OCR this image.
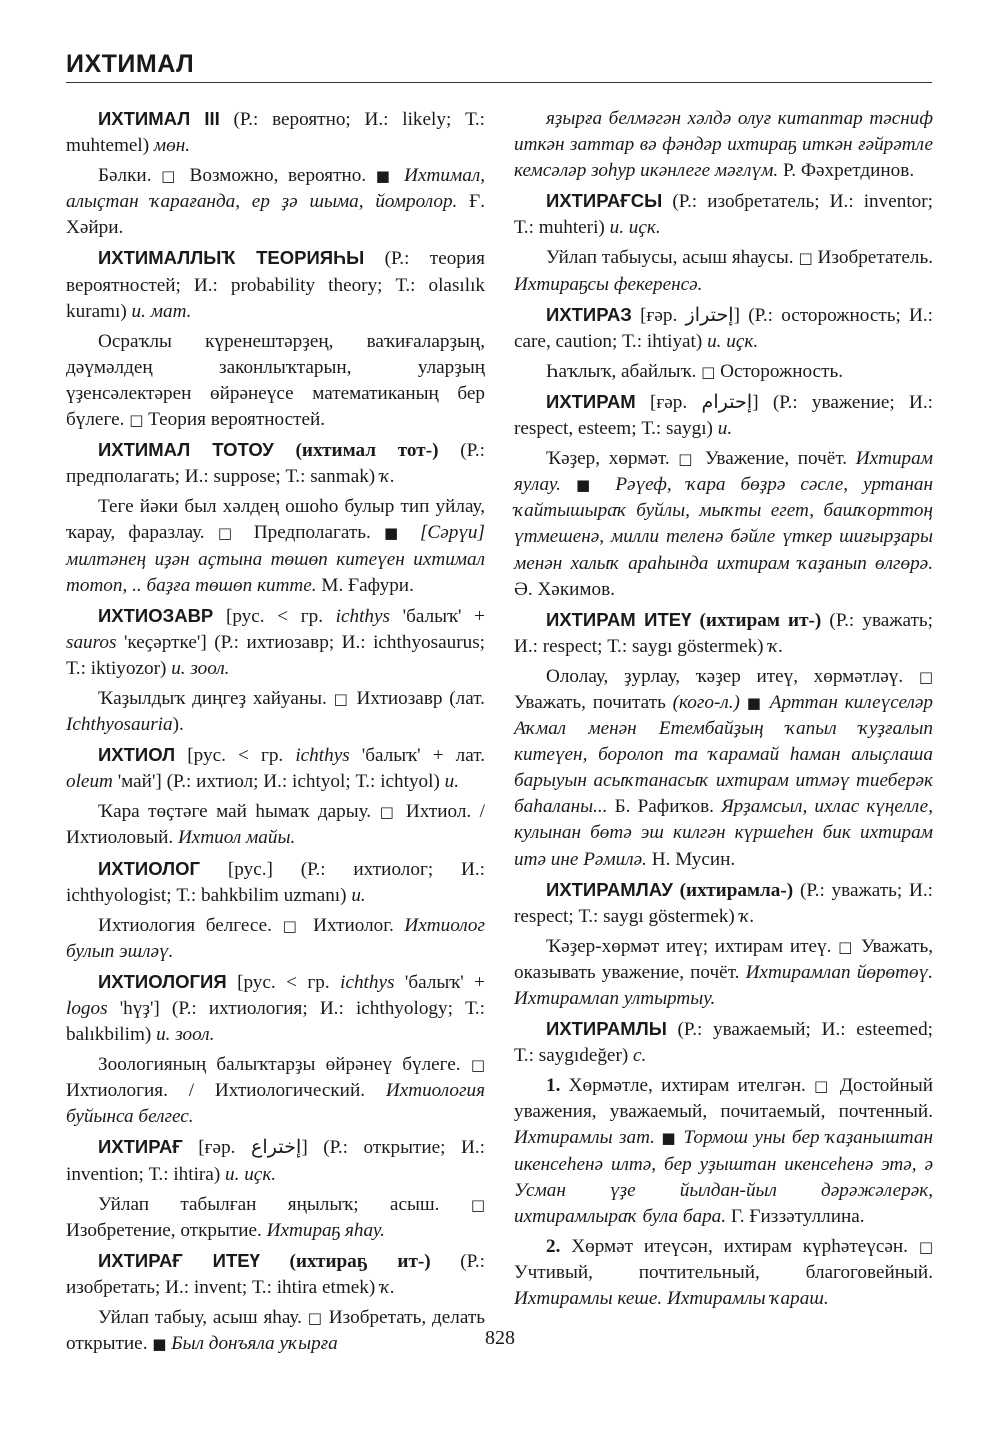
ИХТИМАЛ

ИХТИМАЛ III (Р.: вероятно; И.: likely; Т.: muhtemel) мөн.

Бәлки. □ Возможно, вероятно. ■ Ихтимал, алыҫтан ҡарағанда, ер ҙә шыма, йомролор. Ғ. Хәйри.

ИХТИМАЛЛЫҠ ТЕОРИЯҺЫ (Р.: теория вероятностей; И.: probability theory; Т.: olasılık kuramı) и. мат.

Осраҡлы күренештәрҙең, ваҡиғаларҙың, дәүмәлдең законлыҡтарын, уларҙың үҙенсәлектәрен өйрәнеүсе математиканың бер бүлеге. □ Теория вероятностей.

ИХТИМАЛ ТОТОУ (ихтимал тот-) (Р.: предполагать; И.: suppose; Т.: sanmak) ҡ.

Теге йәки был хәлдең ошоһо булыр тип уйлау, ҡарау, фаразлау. □ Предполагать. ■ [Сәрүи] милтәнең иҙән аҫтына төшөп китеүен ихтимал тотоп, .. баҙға төшөп китте. М. Ғафури.

ИХТИОЗАВР [рус. < гр. ichthys 'балыҡ' + sauros 'кеҫәртке'] (Р.: ихтиозавр; И.: ichthyosaurus; Т.: iktiyozor) и. зоол.

Ҡаҙылдыҡ диңгеҙ хайуаны. □ Ихтиозавр (лат. Ichthyosauria).

ИХТИОЛ [рус. < гр. ichthys 'балыҡ' + лат. oleum 'май'] (Р.: ихтиол; И.: ichtyol; Т.: ichtyol) и.

Ҡара төҫтәге май һымаҡ дарыу. □ Ихтиол. / Ихтиоловый. Ихтиол майы.

ИХТИОЛОГ [рус.] (Р.: ихтиолог; И.: ichthyologist; Т.: bahkbilim uzmanı) и.

Ихтиология белгесе. □ Ихтиолог. Ихтиолог булып эшләү.

ИХТИОЛОГИЯ [рус. < гр. ichthys 'балыҡ' + logos 'һүҙ'] (Р.: ихтиология; И.: ichthyology; Т.: balıkbilim) и. зоол.

Зоологияның балыҡтарҙы өйрәнеү бүлеге. □ Ихтиология. / Ихтиологический. Ихтиология буйынса белгес.

ИХТИРАҒ [ғәр. إختراع] (Р.: открытие; И.: invention; Т.: ihtira) и. иҫк.

Уйлап табылған яңылыҡ; асыш. □ Изобретение, открытие. Ихтираҕ яһау.

ИХТИРАҒ ИТЕҮ (ихтираҕ ит-) (Р.: изобретать; И.: invent; Т.: ihtira etmek) ҡ.

Уйлап табыу, асыш яһау. □ Изобретать, делать открытие. ■ Был донъяла уҡырға

яҙырға белмәгән хәлдә олуғ китаптар тәсниф иткән заттар вә фәндәр ихтираҕ иткән ғәйрәтле кемсәләр зоһур икәнлеге мәғлүм. Р. Фәхретдинов.

ИХТИРАҒСЫ (Р.: изобретатель; И.: inventor; Т.: muhteri) и. иҫк.

Уйлап табыусы, асыш яһаусы. □ Изобретатель. Ихтираҕсы фекеренсә.

ИХТИРАЗ [ғәр. إحتراز] (Р.: осторожность; И.: care, caution; Т.: ihtiyat) и. иҫк.

Һаҡлыҡ, абайлыҡ. □ Осторожность.

ИХТИРАМ [ғәр. إحترام] (Р.: уважение; И.: respect, esteem; Т.: saygı) и.

Ҡәҙер, хөрмәт. □ Уважение, почёт. Ихтирам яулау. ■ Рәүеф, ҡара бөҙрә сәсле, уртанан ҡайтышыраҡ буйлы, мыҡты егет, башҡорттоң үтмешенә, милли теленә бәйле үткер шиғырҙары менән халыҡ араһында ихтирам ҡаҙанып өлгөрә. Ә. Хәкимов.

ИХТИРАМ ИТЕҮ (ихтирам ит-) (Р.: уважать; И.: respect; Т.: saygı göstermek) ҡ.

Ололау, ҙурлау, ҡәҙер итеү, хөрмәтләү. □ Уважать, почитать (кого-л.) ■ Арттан килеүселәр Аҡмал менән Етембайҙың ҡапыл ҡуҙғалып китеүен, боролоп та ҡарамай һаман алыҫлаша барыуын асыҡтанасыҡ ихтирам итмәү тиеберәк баһаланы... Б. Рафиҡов. Ярҙамсыл, ихлас күңелле, кулынан бөтә эш килгән күршеһен бик ихтирам итә ине Рәмилә. Н. Мусин.

ИХТИРАМЛАУ (ихтирамла-) (Р.: уважать; И.: respect; Т.: saygı göstermek) ҡ.

Ҡәҙер-хөрмәт итеү; ихтирам итеү. □ Уважать, оказывать уважение, почёт. Ихтирамлап йөрөтөү. Ихтирамлап ултыртыу.

ИХТИРАМЛЫ (Р.: уважаемый; И.: esteemed; Т.: saygıdeğer) с.

1. Хөрмәтле, ихтирам ителгән. □ Достойный уважения, уважаемый, почитаемый, почтенный. Ихтирамлы зат. ■ Тормош уны бер ҡаҙаныштан икенсеһенә илтә, бер уҙыштан икенсеһенә этә, ә Усман үҙе йылдан-йыл дәрәжәлерәк, ихтирамлыраҡ була бара. Г. Ғиззәтуллина.

2. Хөрмәт итеүсән, ихтирам күрһәтеүсән. □ Учтивый, почтительный, благоговейный. Ихтирамлы кеше. Ихтирамлы ҡараш.

828
